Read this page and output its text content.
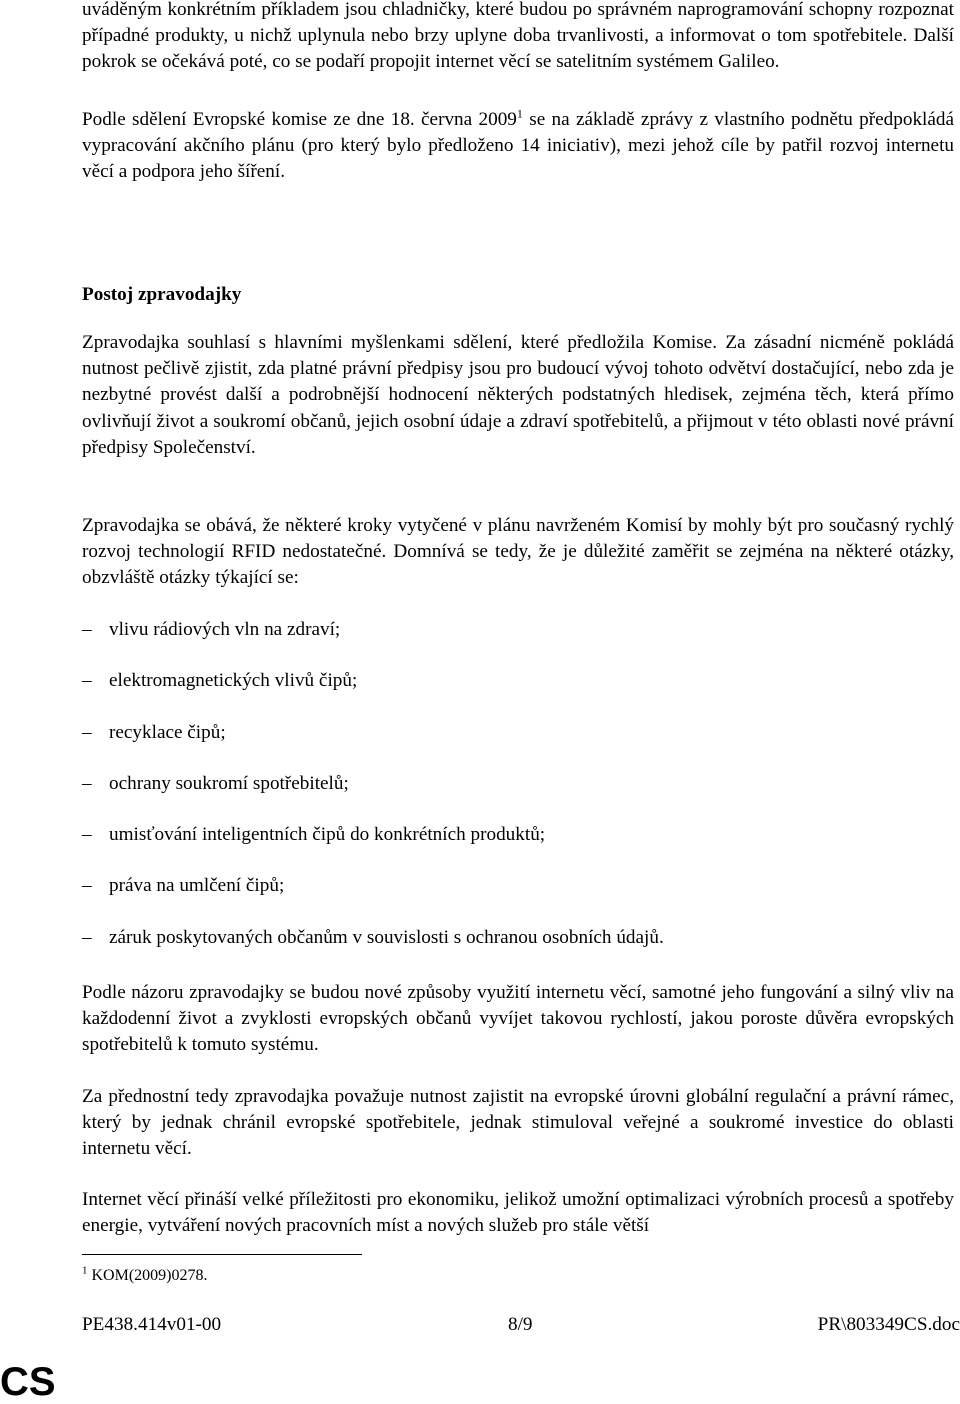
uváděným konkrétním příkladem jsou chladničky, které budou po správném naprogramování schopny rozpoznat případné produkty, u nichž uplynula nebo brzy uplyne doba trvanlivosti, a informovat o tom spotřebitele. Další pokrok se očekává poté, co se podaří propojit internet věcí se satelitním systémem Galileo.

Podle sdělení Evropské komise ze dne 18. června 2009$^1$ se na základě zprávy z vlastního podnětu předpokládá vypracování akčního plánu (pro který bylo předloženo 14 iniciativ), mezi jehož cíle by patřil rozvoj internetu věcí a podpora jeho šíření.

Postoj zpravodajky

Zpravodajka souhlasí s hlavními myšlenkami sdělení, které předložila Komise. Za zásadní nicméně pokládá nutnost pečlivě zjistit, zda platné právní předpisy jsou pro budoucí vývoj tohoto odvětví dostačující, nebo zda je nezbytné provést další a podrobnější hodnocení některých podstatných hledisek, zejména těch, která přímo ovlivňují život a soukromí občanů, jejich osobní údaje a zdraví spotřebitelů, a přijmout v této oblasti nové právní předpisy Společenství.

Zpravodajka se obává, že některé kroky vytyčené v plánu navrženém Komisí by mohly být pro současný rychlý rozvoj technologií RFID nedostatečné. Domnívá se tedy, že je důležité zaměřit se zejména na některé otázky, obzvláště otázky týkající se:

– vlivu rádiových vln na zdraví;
– elektromagnetických vlivů čipů;
– recyklace čipů;
– ochrany soukromí spotřebitelů;
– umisťování inteligentních čipů do konkrétních produktů;
– práva na umlčení čipů;
– záruk poskytovaných občanům v souvislosti s ochranou osobních údajů.

Podle názoru zpravodajky se budou nové způsoby využití internetu věcí, samotné jeho fungování a silný vliv na každodenní život a zvyklosti evropských občanů vyvíjet takovou rychlostí, jakou poroste důvěra evropských spotřebitelů k tomuto systému.

Za přednostní tedy zpravodajka považuje nutnost zajistit na evropské úrovni globální regulační a právní rámec, který by jednak chránil evropské spotřebitele, jednak stimuloval veřejné a soukromé investice do oblasti internetu věcí.

Internet věcí přináší velké příležitosti pro ekonomiku, jelikož umožní optimalizaci výrobních procesů a spotřeby energie, vytváření nových pracovních míst a nových služeb pro stále větší

$^1$ KOM(2009)0278.
PE438.414v01-00	8/9	PR\803349CS.doc
CS
